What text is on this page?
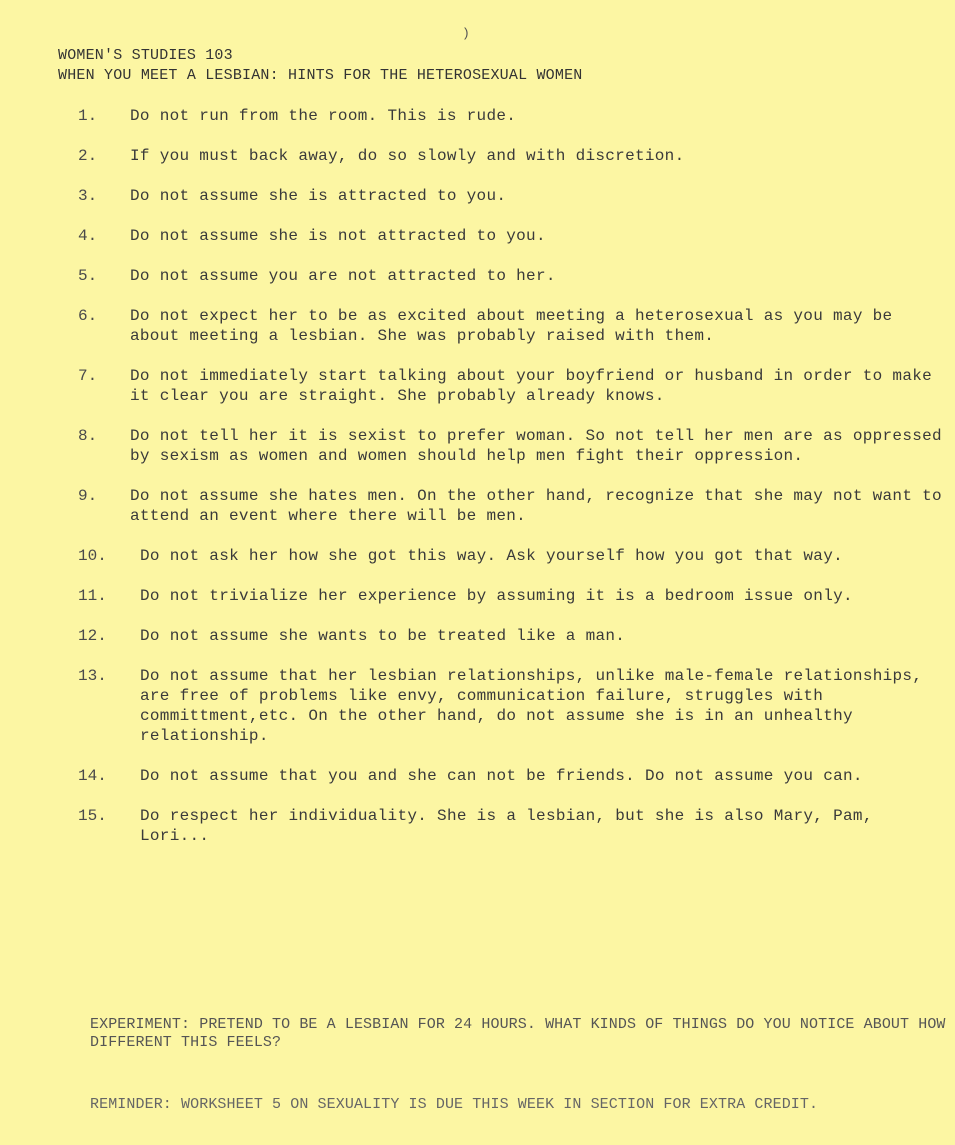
)
WOMEN'S STUDIES 103
WHEN YOU MEET A LESBIAN: HINTS FOR THE HETEROSEXUAL WOMEN
1.	Do not run from the room. This is rude.
2.	If you must back away, do so slowly and with discretion.
3.	Do not assume she is attracted to you.
4.	Do not assume she is not attracted to you.
5.	Do not assume you are not attracted to her.
6.	Do not expect her to be as excited about meeting a heterosexual as you may be about meeting a lesbian. She was probably raised with them.
7.	Do not immediately start talking about your boyfriend or husband in order to make it clear you are straight. She probably already knows.
8.	Do not tell her it is sexist to prefer woman. So not tell her men are as oppressed by sexism as women and women should help men fight their oppression.
9.	Do not assume she hates men. On the other hand, recognize that she may not want to attend an event where there will be men.
10.	Do not ask her how she got this way. Ask yourself how you got that way.
11.	Do not trivialize her experience by assuming it is a bedroom issue only.
12.	Do not assume she wants to be treated like a man.
13.	Do not assume that her lesbian relationships, unlike male-female relationships, are free of problems like envy, communication failure, struggles with committment,etc. On the other hand, do not assume she is in an unhealthy relationship.
14.	Do not assume that you and she can not be friends. Do not assume you can.
15.	Do respect her individuality. She is a lesbian, but she is also Mary, Pam, Lori...
EXPERIMENT: PRETEND TO BE A LESBIAN FOR 24 HOURS. WHAT KINDS OF THINGS DO YOU NOTICE ABOUT HOW DIFFERENT THIS FEELS?
REMINDER: WORKSHEET 5 ON SEXUALITY IS DUE THIS WEEK IN SECTION FOR EXTRA CREDIT.
